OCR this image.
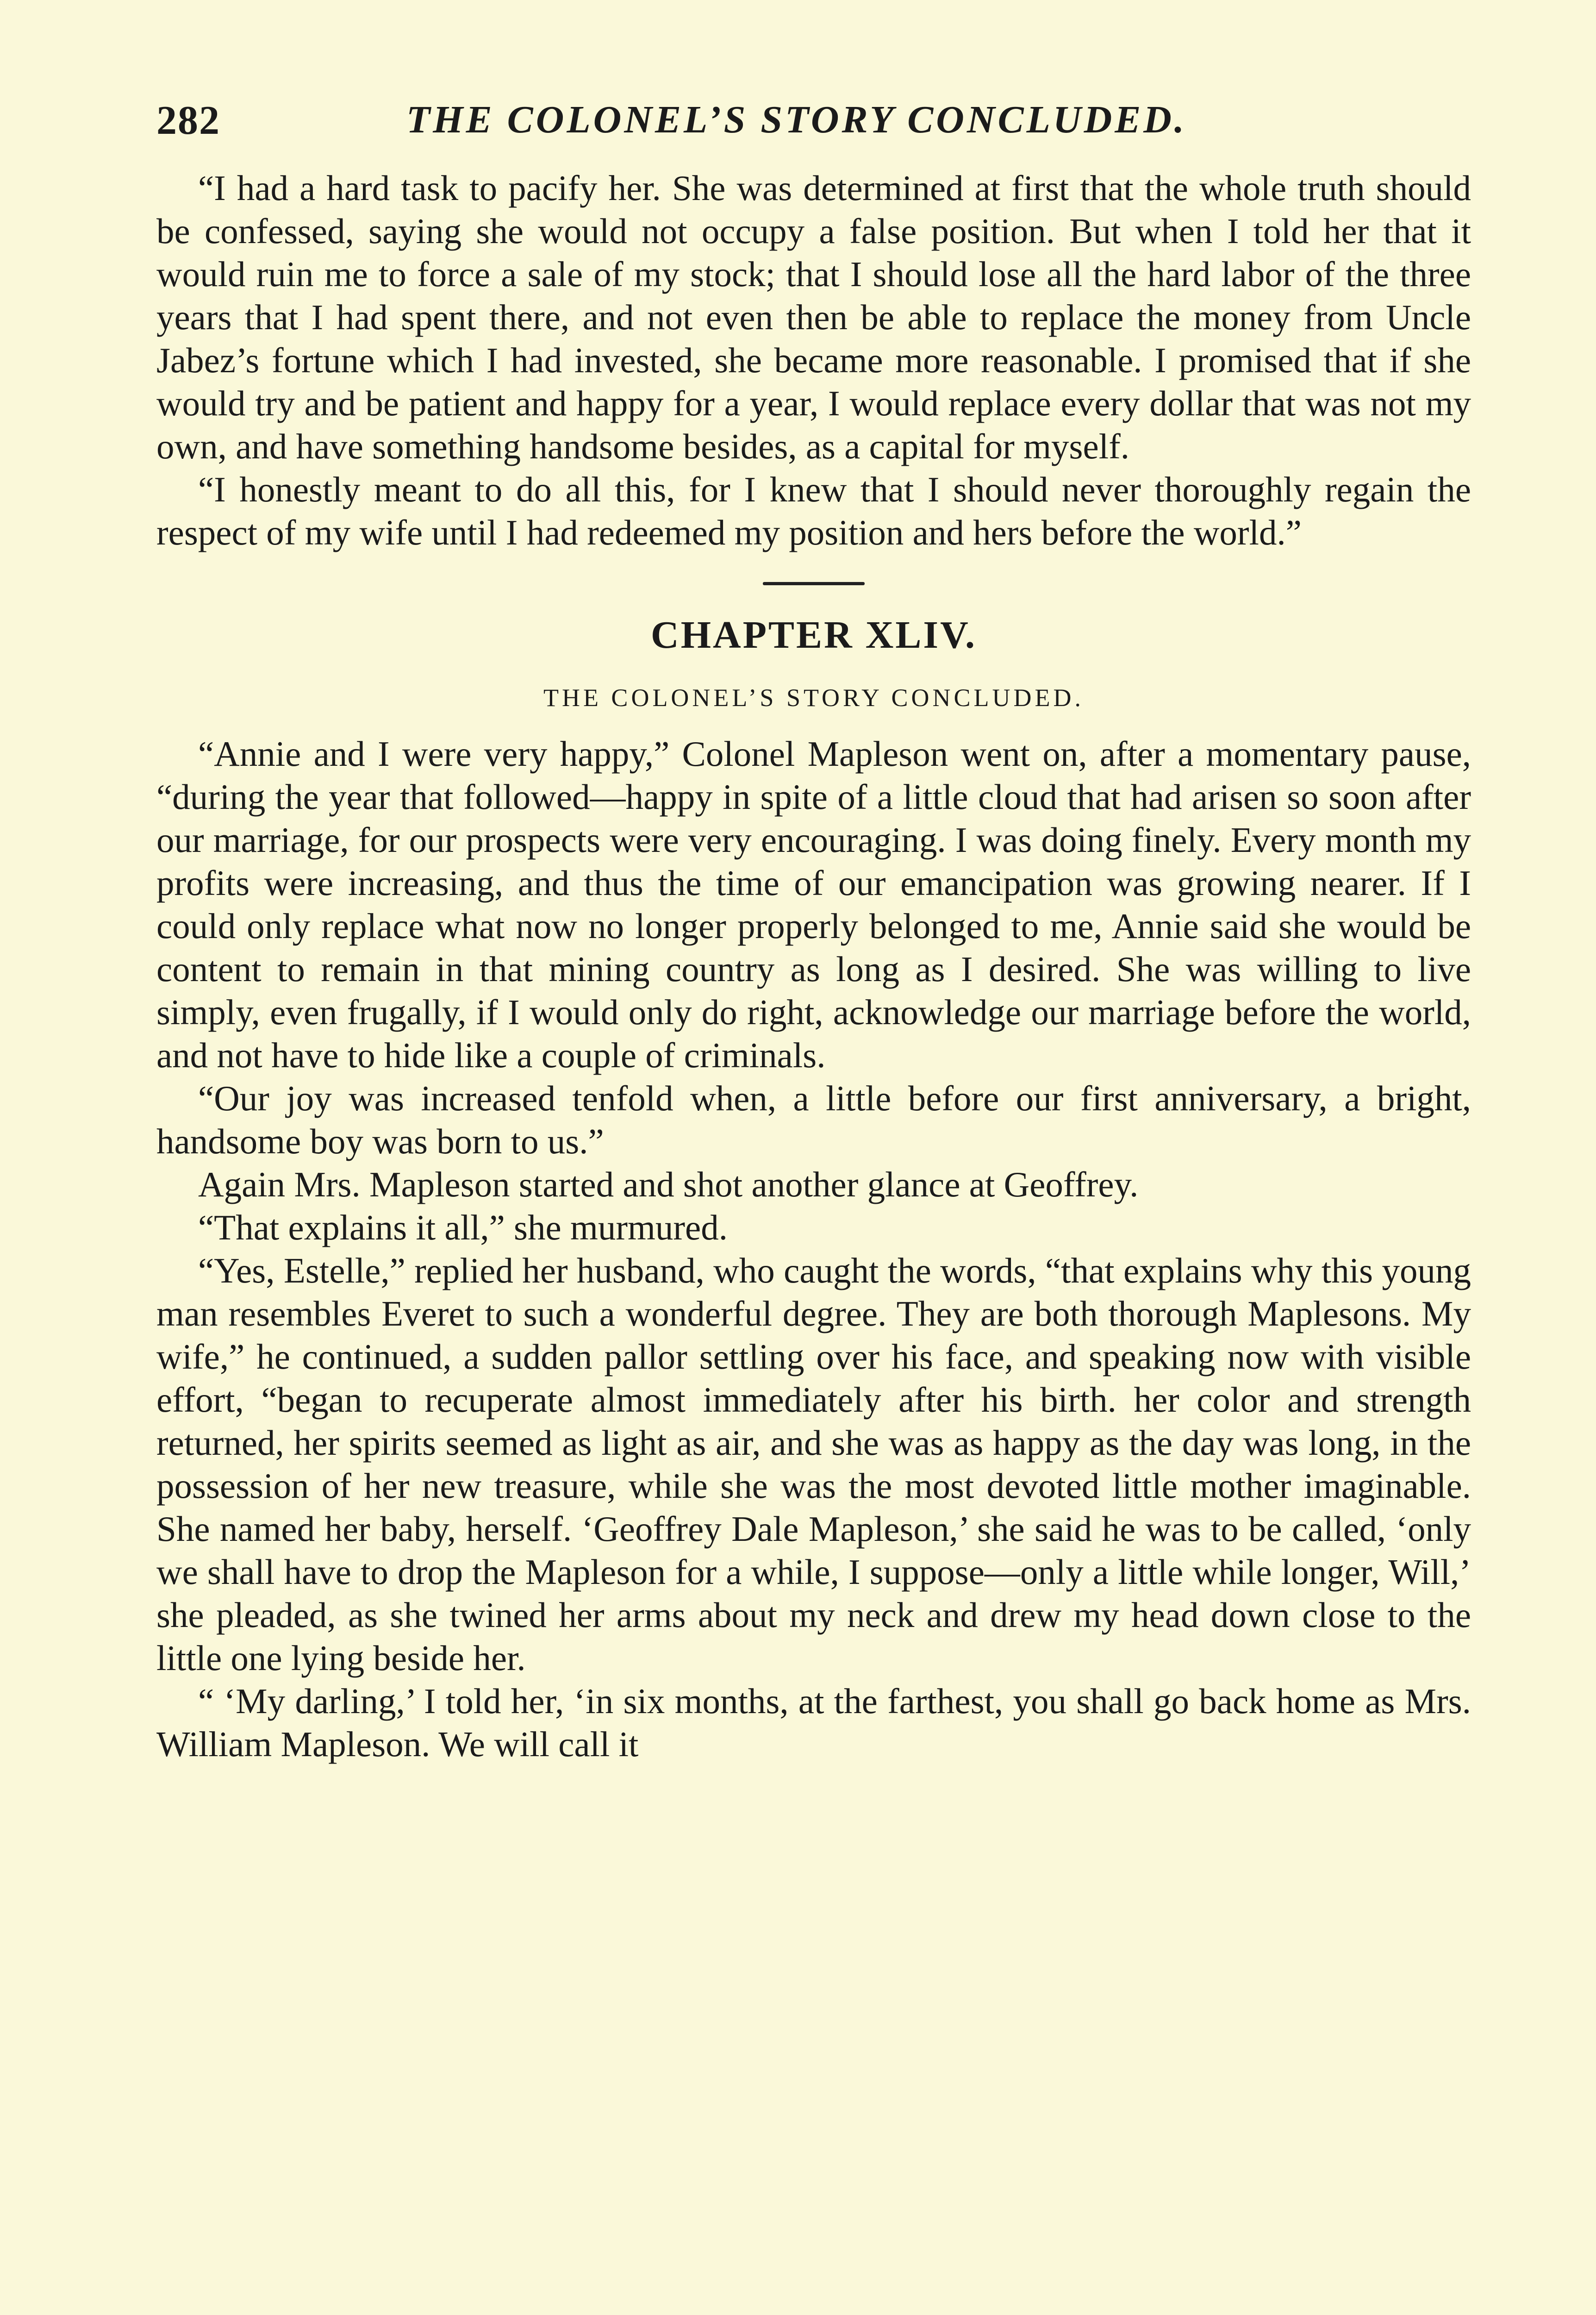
282	THE COLONEL’S STORY CONCLUDED.

“I had a hard task to pacify her. She was determined at first that the whole truth should be confessed, saying she would not occupy a false position. But when I told her that it would ruin me to force a sale of my stock; that I should lose all the hard labor of the three years that I had spent there, and not even then be able to replace the money from Uncle Jabez’s fortune which I had invested, she became more reasonable. I promised that if she would try and be patient and happy for a year, I would replace every dollar that was not my own, and have something handsome besides, as a capital for myself.

“I honestly meant to do all this, for I knew that I should never thoroughly regain the respect of my wife until I had redeemed my position and hers before the world.”

CHAPTER XLIV.
THE COLONEL’S STORY CONCLUDED.

“Annie and I were very happy,” Colonel Mapleson went on, after a momentary pause, “during the year that followed—happy in spite of a little cloud that had arisen so soon after our marriage, for our prospects were very encouraging. I was doing finely. Every month my profits were increasing, and thus the time of our emancipation was growing nearer. If I could only replace what now no longer properly belonged to me, Annie said she would be content to remain in that mining country as long as I desired. She was willing to live simply, even frugally, if I would only do right, acknowledge our marriage before the world, and not have to hide like a couple of criminals.

“Our joy was increased tenfold when, a little before our first anniversary, a bright, handsome boy was born to us.”

Again Mrs. Mapleson started and shot another glance at Geoffrey.

“That explains it all,” she murmured.

“Yes, Estelle,” replied her husband, who caught the words, “that explains why this young man resembles Everet to such a wonderful degree. They are both thorough Maplesons. My wife,” he continued, a sudden pallor settling over his face, and speaking now with visible effort, “began to recuperate almost immediately after his birth. her color and strength returned, her spirits seemed as light as air, and she was as happy as the day was long, in the possession of her new treasure, while she was the most devoted little mother imaginable. She named her baby, herself. ‘Geoffrey Dale Mapleson,’ she said he was to be called, ‘only we shall have to drop the Mapleson for a while, I suppose—only a little while longer, Will,’ she pleaded, as she twined her arms about my neck and drew my head down close to the little one lying beside her.

“ ‘My darling,’ I told her, ‘in six months, at the farthest, you shall go back home as Mrs. William Mapleson. We will call it
